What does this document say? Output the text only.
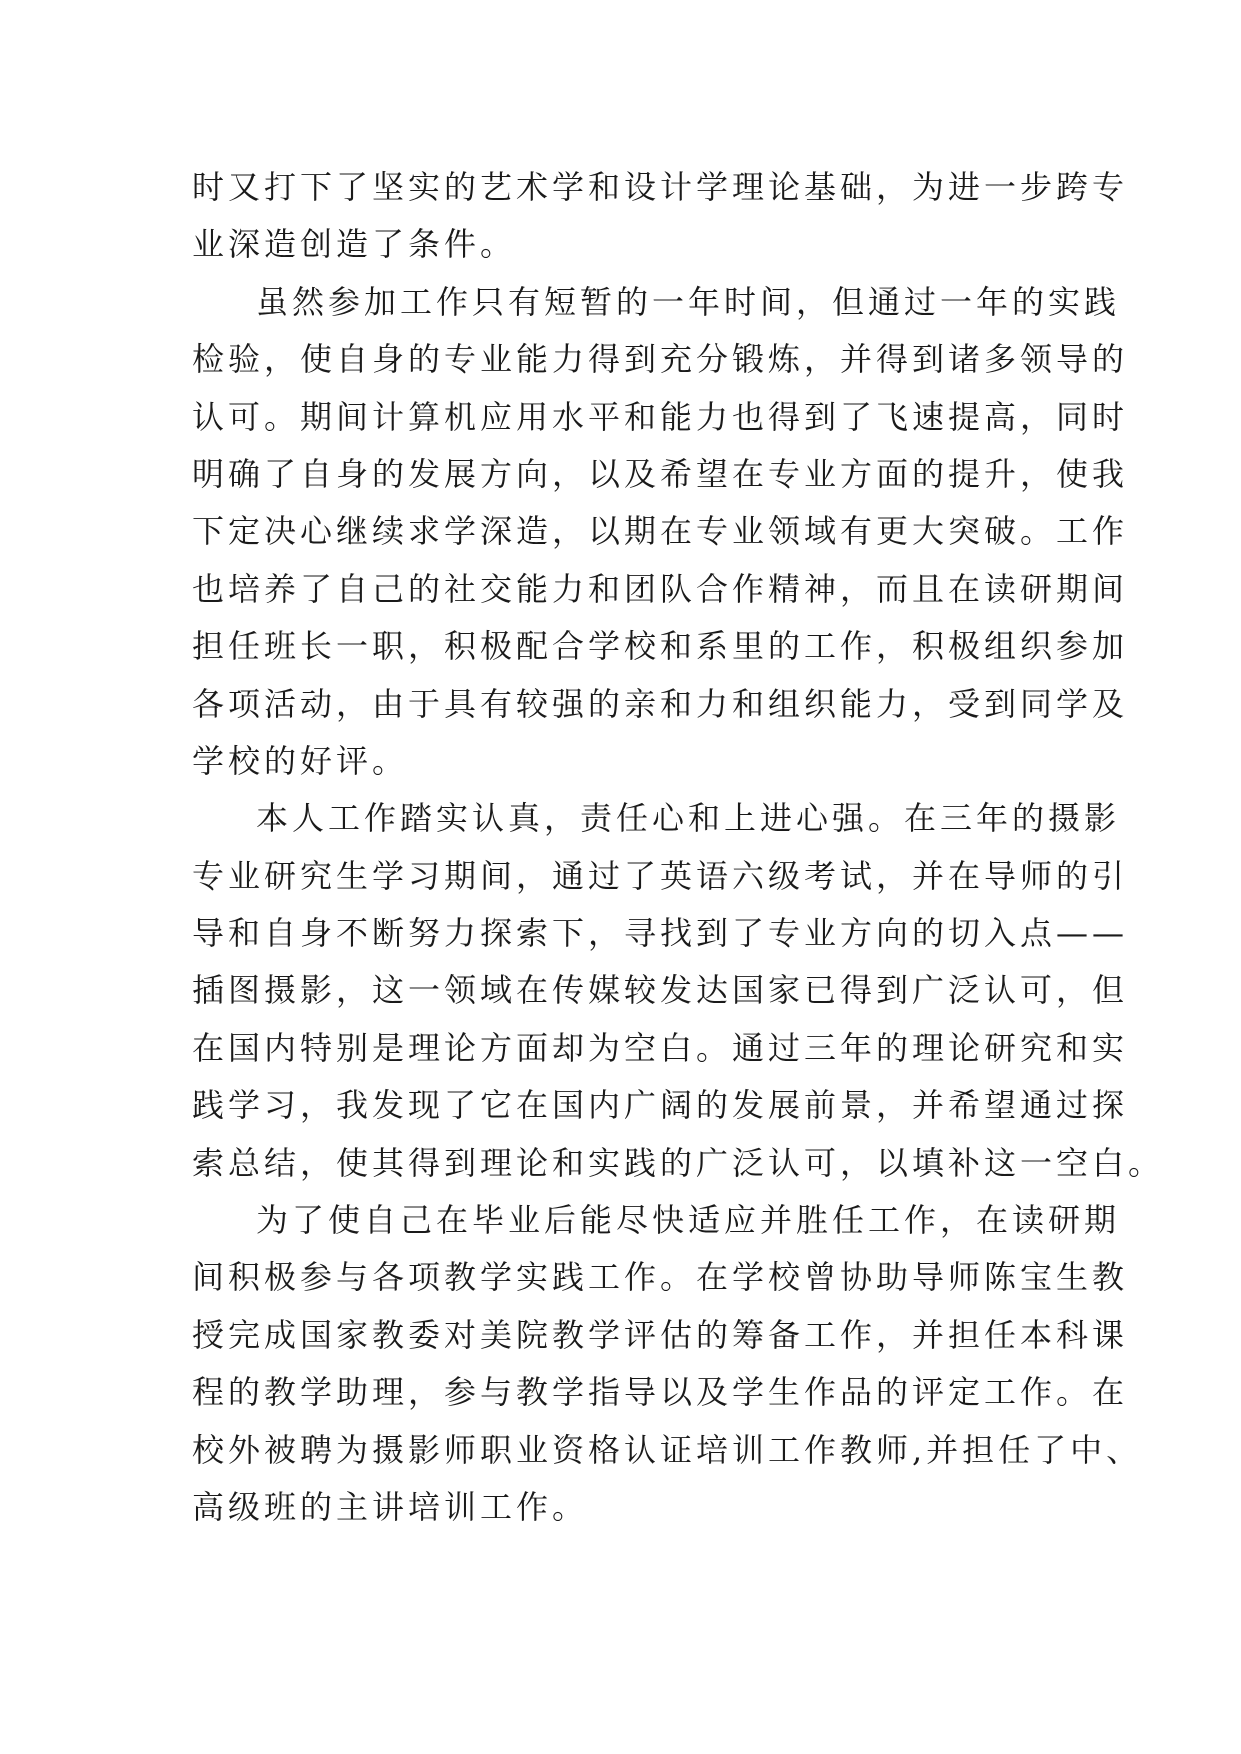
时又打下了坚实的艺术学和设计学理论基础，为进一步跨专
业深造创造了条件。
虽然参加工作只有短暂的一年时间，但通过一年的实践
检验，使自身的专业能力得到充分锻炼，并得到诸多领导的
认可。期间计算机应用水平和能力也得到了飞速提高，同时
明确了自身的发展方向，以及希望在专业方面的提升，使我
下定决心继续求学深造，以期在专业领域有更大突破。工作
也培养了自己的社交能力和团队合作精神，而且在读研期间
担任班长一职，积极配合学校和系里的工作，积极组织参加
各项活动，由于具有较强的亲和力和组织能力，受到同学及
学校的好评。
本人工作踏实认真，责任心和上进心强。在三年的摄影
专业研究生学习期间，通过了英语六级考试，并在导师的引
导和自身不断努力探索下，寻找到了专业方向的切入点——
插图摄影，这一领域在传媒较发达国家已得到广泛认可，但
在国内特别是理论方面却为空白。通过三年的理论研究和实
践学习，我发现了它在国内广阔的发展前景，并希望通过探
索总结，使其得到理论和实践的广泛认可，以填补这一空白。
为了使自己在毕业后能尽快适应并胜任工作，在读研期
间积极参与各项教学实践工作。在学校曾协助导师陈宝生教
授完成国家教委对美院教学评估的筹备工作，并担任本科课
程的教学助理，参与教学指导以及学生作品的评定工作。在
校外被聘为摄影师职业资格认证培训工作教师,并担任了中、
高级班的主讲培训工作。
